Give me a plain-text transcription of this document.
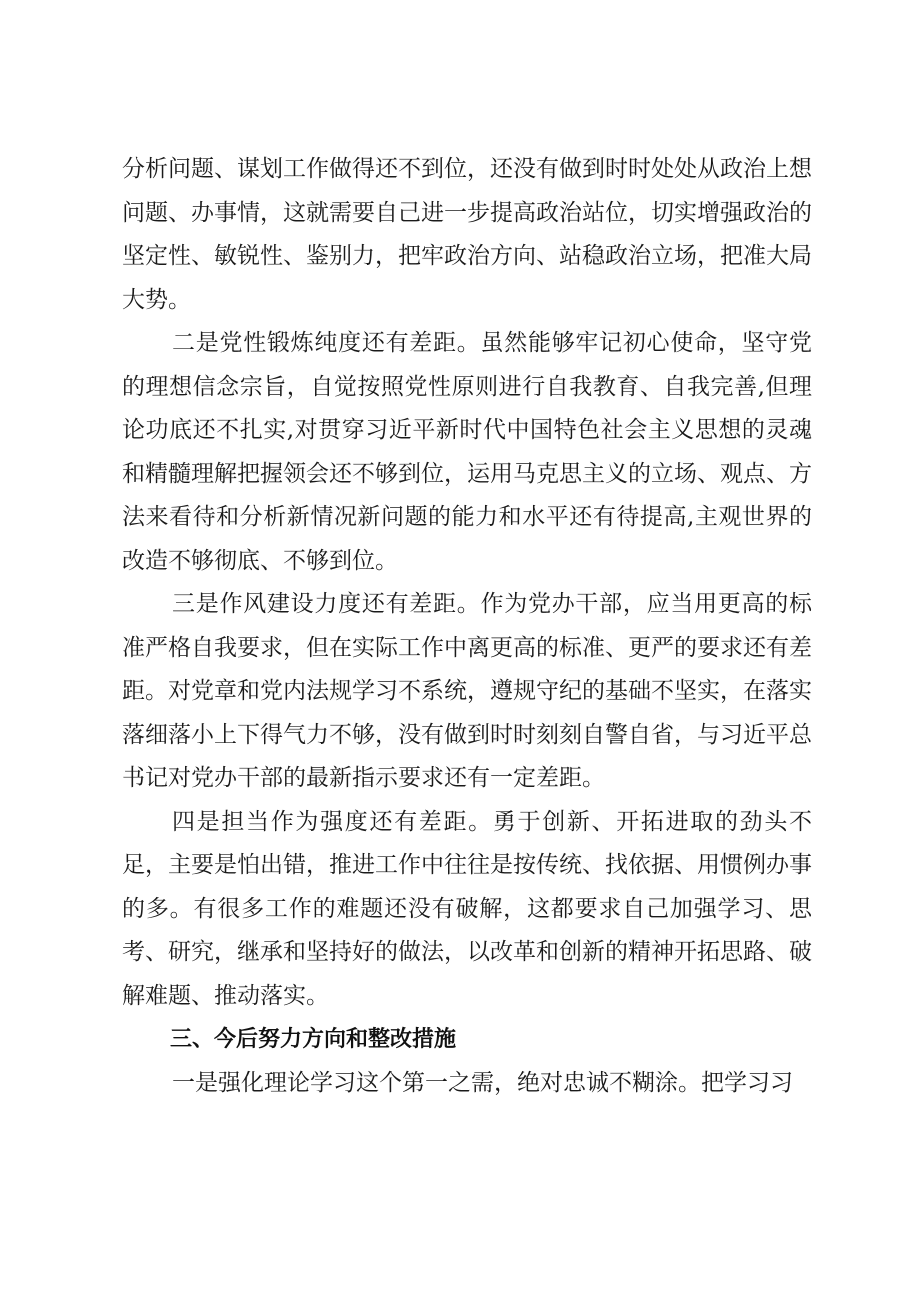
分析问题、谋划工作做得还不到位，还没有做到时时处处从政治上想问题、办事情，这就需要自己进一步提高政治站位，切实增强政治的坚定性、敏锐性、鉴别力，把牢政治方向、站稳政治立场，把准大局大势。

二是党性锻炼纯度还有差距。虽然能够牢记初心使命，坚守党的理想信念宗旨，自觉按照党性原则进行自我教育、自我完善,但理论功底还不扎实,对贯穿习近平新时代中国特色社会主义思想的灵魂和精髓理解把握领会还不够到位，运用马克思主义的立场、观点、方法来看待和分析新情况新问题的能力和水平还有待提高,主观世界的改造不够彻底、不够到位。

三是作风建设力度还有差距。作为党办干部，应当用更高的标准严格自我要求，但在实际工作中离更高的标准、更严的要求还有差距。对党章和党内法规学习不系统，遵规守纪的基础不坚实，在落实落细落小上下得气力不够，没有做到时时刻刻自警自省，与习近平总书记对党办干部的最新指示要求还有一定差距。

四是担当作为强度还有差距。勇于创新、开拓进取的劲头不足，主要是怕出错，推进工作中往往是按传统、找依据、用惯例办事的多。有很多工作的难题还没有破解，这都要求自己加强学习、思考、研究，继承和坚持好的做法，以改革和创新的精神开拓思路、破解难题、推动落实。

三、今后努力方向和整改措施

一是强化理论学习这个第一之需，绝对忠诚不糊涂。把学习习
